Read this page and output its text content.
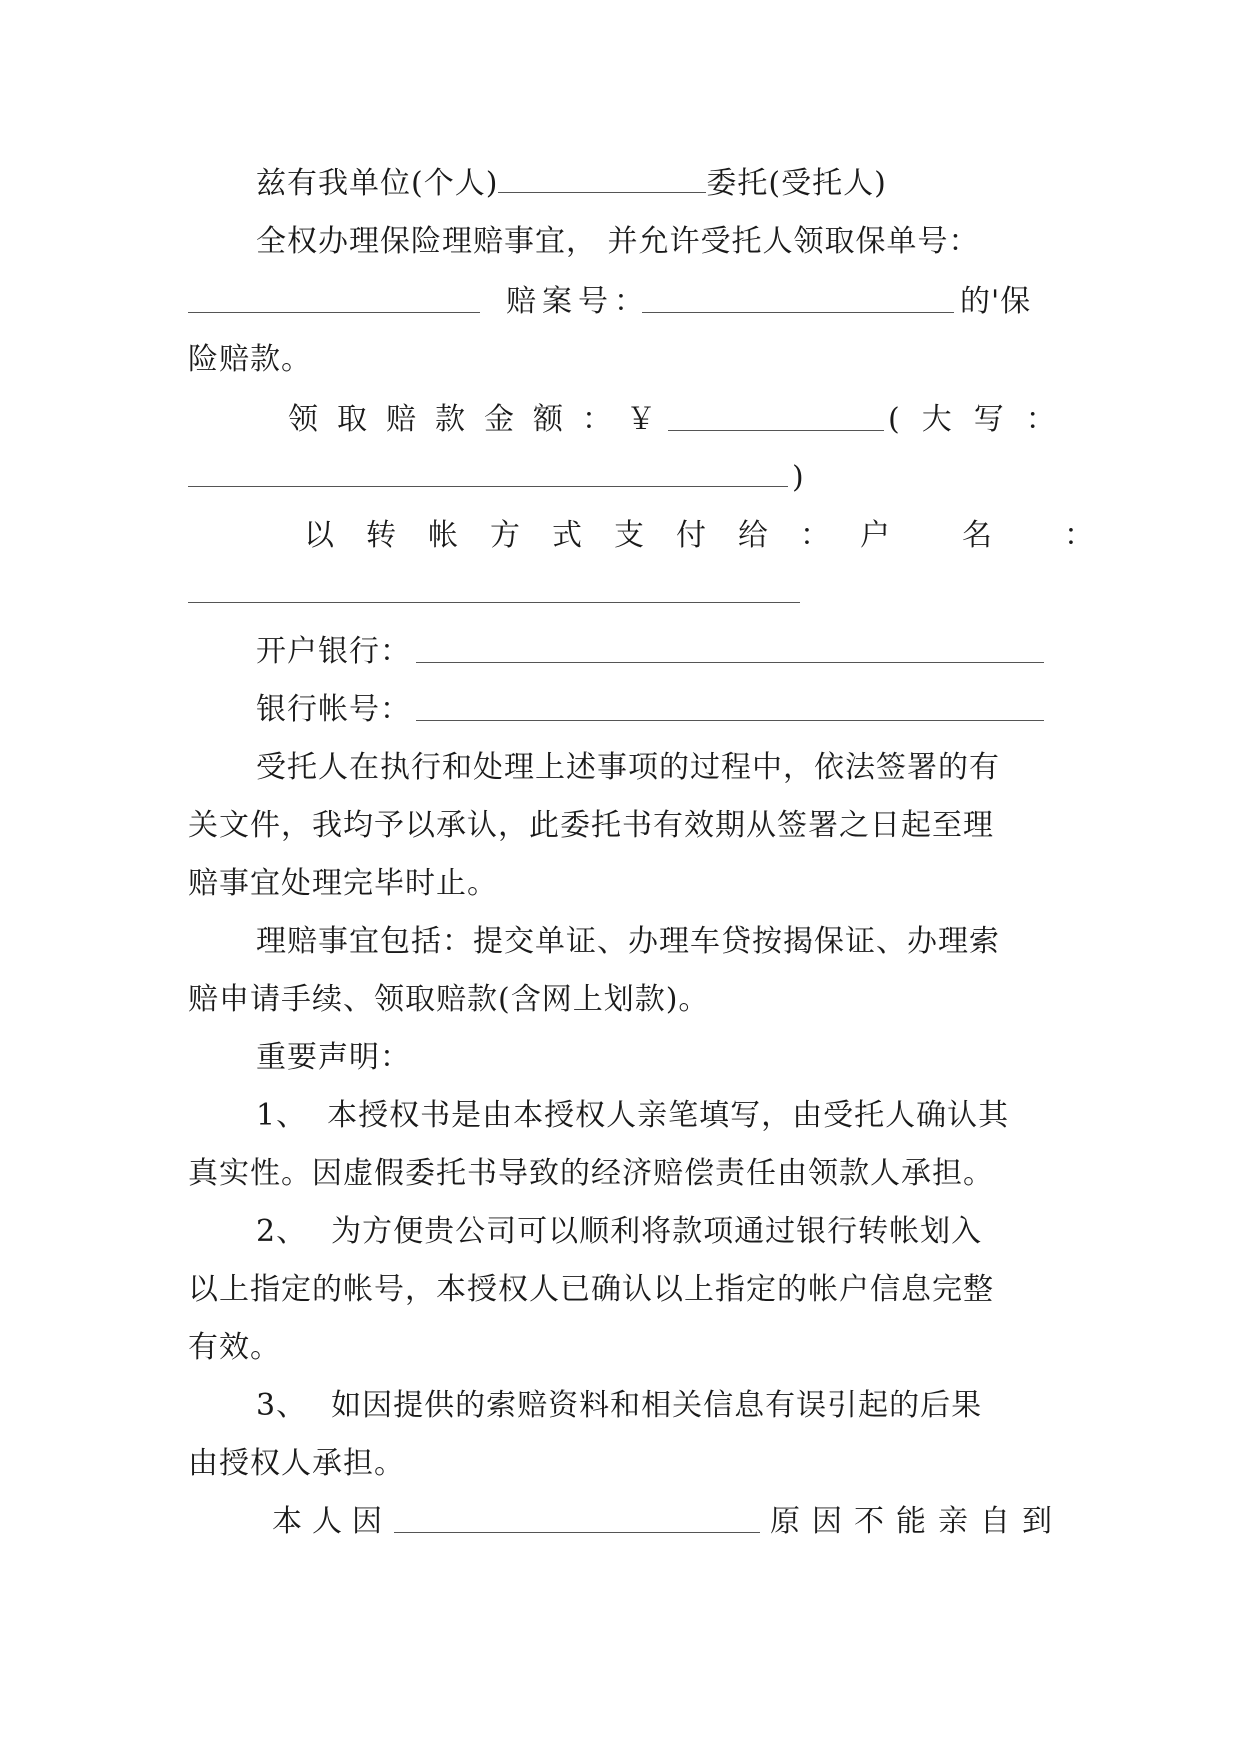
兹有我单位(个人)	委托(受托人)
全权办理保险理赔事宜， 并允许受托人领取保单号：
赔案号：	的'保
险赔款。
领取赔款金额：
￥	(大写：
)
以转帐方式支付给：
户名：
开户银行：
银行帐号：
受托人在执行和处理上述事项的过程中，依法签署的有
关文件，我均予以承认，此委托书有效期从签署之日起至理
赔事宜处理完毕时止。
理赔事宜包括：提交单证、办理车贷按揭保证、办理索
赔申请手续、领取赔款(含网上划款)。
重要声明：
1、 本授权书是由本授权人亲笔填写，由受托人确认其
真实性。因虚假委托书导致的经济赔偿责任由领款人承担。
2、 为方便贵公司可以顺利将款项通过银行转帐划入
以上指定的帐号，本授权人已确认以上指定的帐户信息完整
有效。
3、 如因提供的索赔资料和相关信息有误引起的后果
由授权人承担。
本人因	原因不能亲自到
